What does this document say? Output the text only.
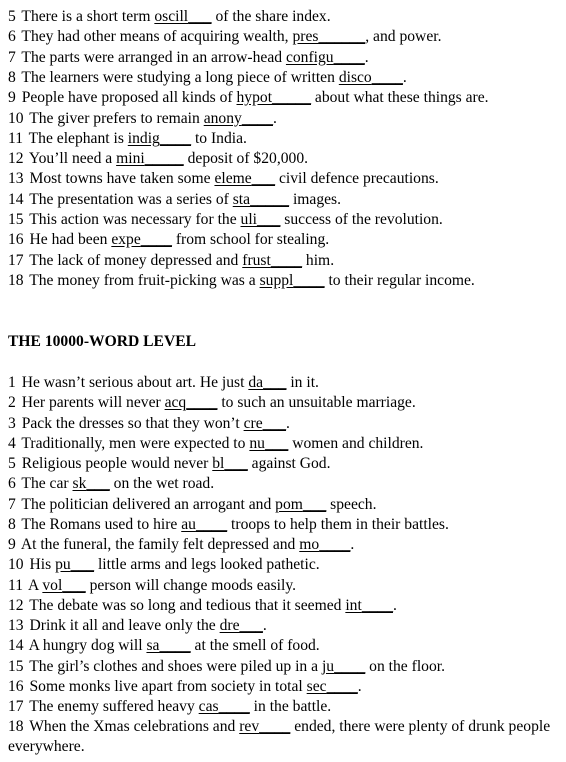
5 There is a short term oscill___ of the share index.
6 They had other means of acquiring wealth, pres______, and power.
7 The parts were arranged in an arrow-head configu____.
8 The learners were studying a long piece of written disco____.
9 People have proposed all kinds of hypot_____ about what these things are.
10 The giver prefers to remain anony____.
11 The elephant is indig____ to India.
12 You’ll need a mini_____ deposit of $20,000.
13 Most towns have taken some eleme___ civil defence precautions.
14 The presentation was a series of sta_____ images.
15 This action was necessary for the uli___ success of the revolution.
16 He had been expe____ from school for stealing.
17 The lack of money depressed and frust____ him.
18 The money from fruit-picking was a suppl____ to their regular income.
THE 10000-WORD LEVEL
1 He wasn’t serious about art. He just da___ in it.
2 Her parents will never acq____ to such an unsuitable marriage.
3 Pack the dresses so that they won’t cre___.
4 Traditionally, men were expected to nu___ women and children.
5 Religious people would never bl___ against God.
6 The car sk___ on the wet road.
7 The politician delivered an arrogant and pom___ speech.
8 The Romans used to hire au____ troops to help them in their battles.
9 At the funeral, the family felt depressed and mo____.
10 His pu___ little arms and legs looked pathetic.
11 A vol___ person will change moods easily.
12 The debate was so long and tedious that it seemed int____.
13 Drink it all and leave only the dre___.
14 A hungry dog will sa____ at the smell of food.
15 The girl’s clothes and shoes were piled up in a ju____ on the floor.
16 Some monks live apart from society in total sec____.
17 The enemy suffered heavy cas____ in the battle.
18 When the Xmas celebrations and rev____ ended, there were plenty of drunk people everywhere.
